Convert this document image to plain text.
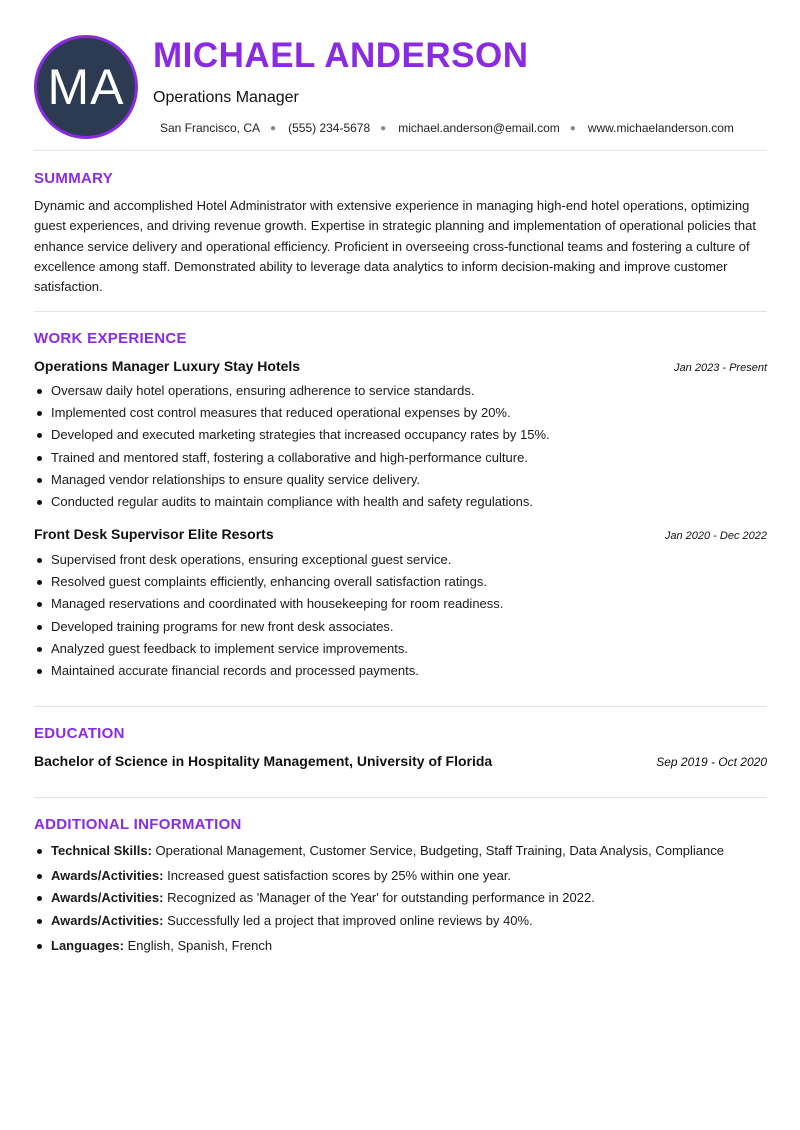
MA
MICHAEL ANDERSON
Operations Manager
San Francisco, CA ● (555) 234-5678 ● michael.anderson@email.com ● www.michaelanderson.com
SUMMARY

Dynamic and accomplished Hotel Administrator with extensive experience in managing high-end hotel operations, optimizing guest experiences, and driving revenue growth. Expertise in strategic planning and implementation of operational policies that enhance service delivery and operational efficiency. Proficient in overseeing cross-functional teams and fostering a culture of excellence among staff. Demonstrated ability to leverage data analytics to inform decision-making and improve customer satisfaction.

WORK EXPERIENCE
Operations Manager Luxury Stay Hotels	Jan 2023 - Present
Oversaw daily hotel operations, ensuring adherence to service standards.
Implemented cost control measures that reduced operational expenses by 20%.
Developed and executed marketing strategies that increased occupancy rates by 15%.
Trained and mentored staff, fostering a collaborative and high-performance culture.
Managed vendor relationships to ensure quality service delivery.
Conducted regular audits to maintain compliance with health and safety regulations.
Front Desk Supervisor Elite Resorts	Jan 2020 - Dec 2022
Supervised front desk operations, ensuring exceptional guest service.
Resolved guest complaints efficiently, enhancing overall satisfaction ratings.
Managed reservations and coordinated with housekeeping for room readiness.
Developed training programs for new front desk associates.
Analyzed guest feedback to implement service improvements.
Maintained accurate financial records and processed payments.
EDUCATION
Bachelor of Science in Hospitality Management, University of Florida	Sep 2019 - Oct 2020
ADDITIONAL INFORMATION
Technical Skills: Operational Management, Customer Service, Budgeting, Staff Training, Data Analysis, Compliance
Awards/Activities: Increased guest satisfaction scores by 25% within one year.
Awards/Activities: Recognized as 'Manager of the Year' for outstanding performance in 2022.
Awards/Activities: Successfully led a project that improved online reviews by 40%.
Languages: English, Spanish, French
